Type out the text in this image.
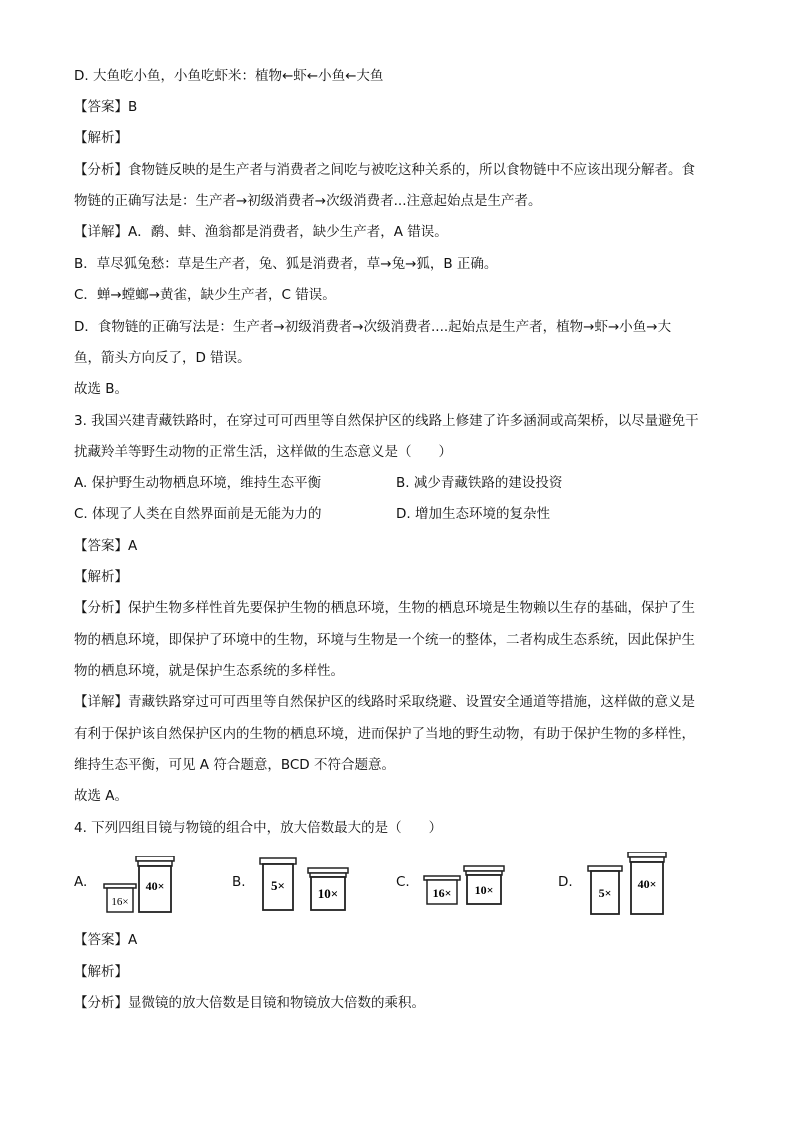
D. 大鱼吃小鱼，小鱼吃虾米：植物←虾←小鱼←大鱼
【答案】B
【解析】
【分析】食物链反映的是生产者与消费者之间吃与被吃这种关系的，所以食物链中不应该出现分解者。食
物链的正确写法是：生产者→初级消费者→次级消费者...注意起始点是生产者。
【详解】A．鹬、蚌、渔翁都是消费者，缺少生产者，A 错误。
B．草尽狐兔愁：草是生产者，兔、狐是消费者，草→兔→狐，B 正确。
C．蝉→螳螂→黄雀，缺少生产者，C 错误。
D．食物链的正确写法是：生产者→初级消费者→次级消费者....起始点是生产者，植物→虾→小鱼→大
鱼，箭头方向反了，D 错误。
故选 B。
3. 我国兴建青藏铁路时，在穿过可可西里等自然保护区的线路上修建了许多涵洞或高架桥，以尽量避免干
扰藏羚羊等野生动物的正常生活，这样做的生态意义是（　　）
A. 保护野生动物栖息环境，维持生态平衡	B. 减少青藏铁路的建设投资
C. 体现了人类在自然界面前是无能为力的	D. 增加生态环境的复杂性
【答案】A
【解析】
【分析】保护生物多样性首先要保护生物的栖息环境，生物的栖息环境是生物赖以生存的基础，保护了生
物的栖息环境，即保护了环境中的生物，环境与生物是一个统一的整体，二者构成生态系统，因此保护生
物的栖息环境，就是保护生态系统的多样性。
【详解】青藏铁路穿过可可西里等自然保护区的线路时采取绕避、设置安全通道等措施，这样做的意义是
有利于保护该自然保护区内的生物的栖息环境，进而保护了当地的野生动物，有助于保护生物的多样性，
维持生态平衡，可见 A 符合题意，BCD 不符合题意。
故选 A。
4. 下列四组目镜与物镜的组合中，放大倍数最大的是（　　）
A.
16×
40×	B. 5×
10×
C.
16× 10×	D.
5×
40×
【答案】A
【解析】
【分析】显微镜的放大倍数是目镜和物镜放大倍数的乘积。
